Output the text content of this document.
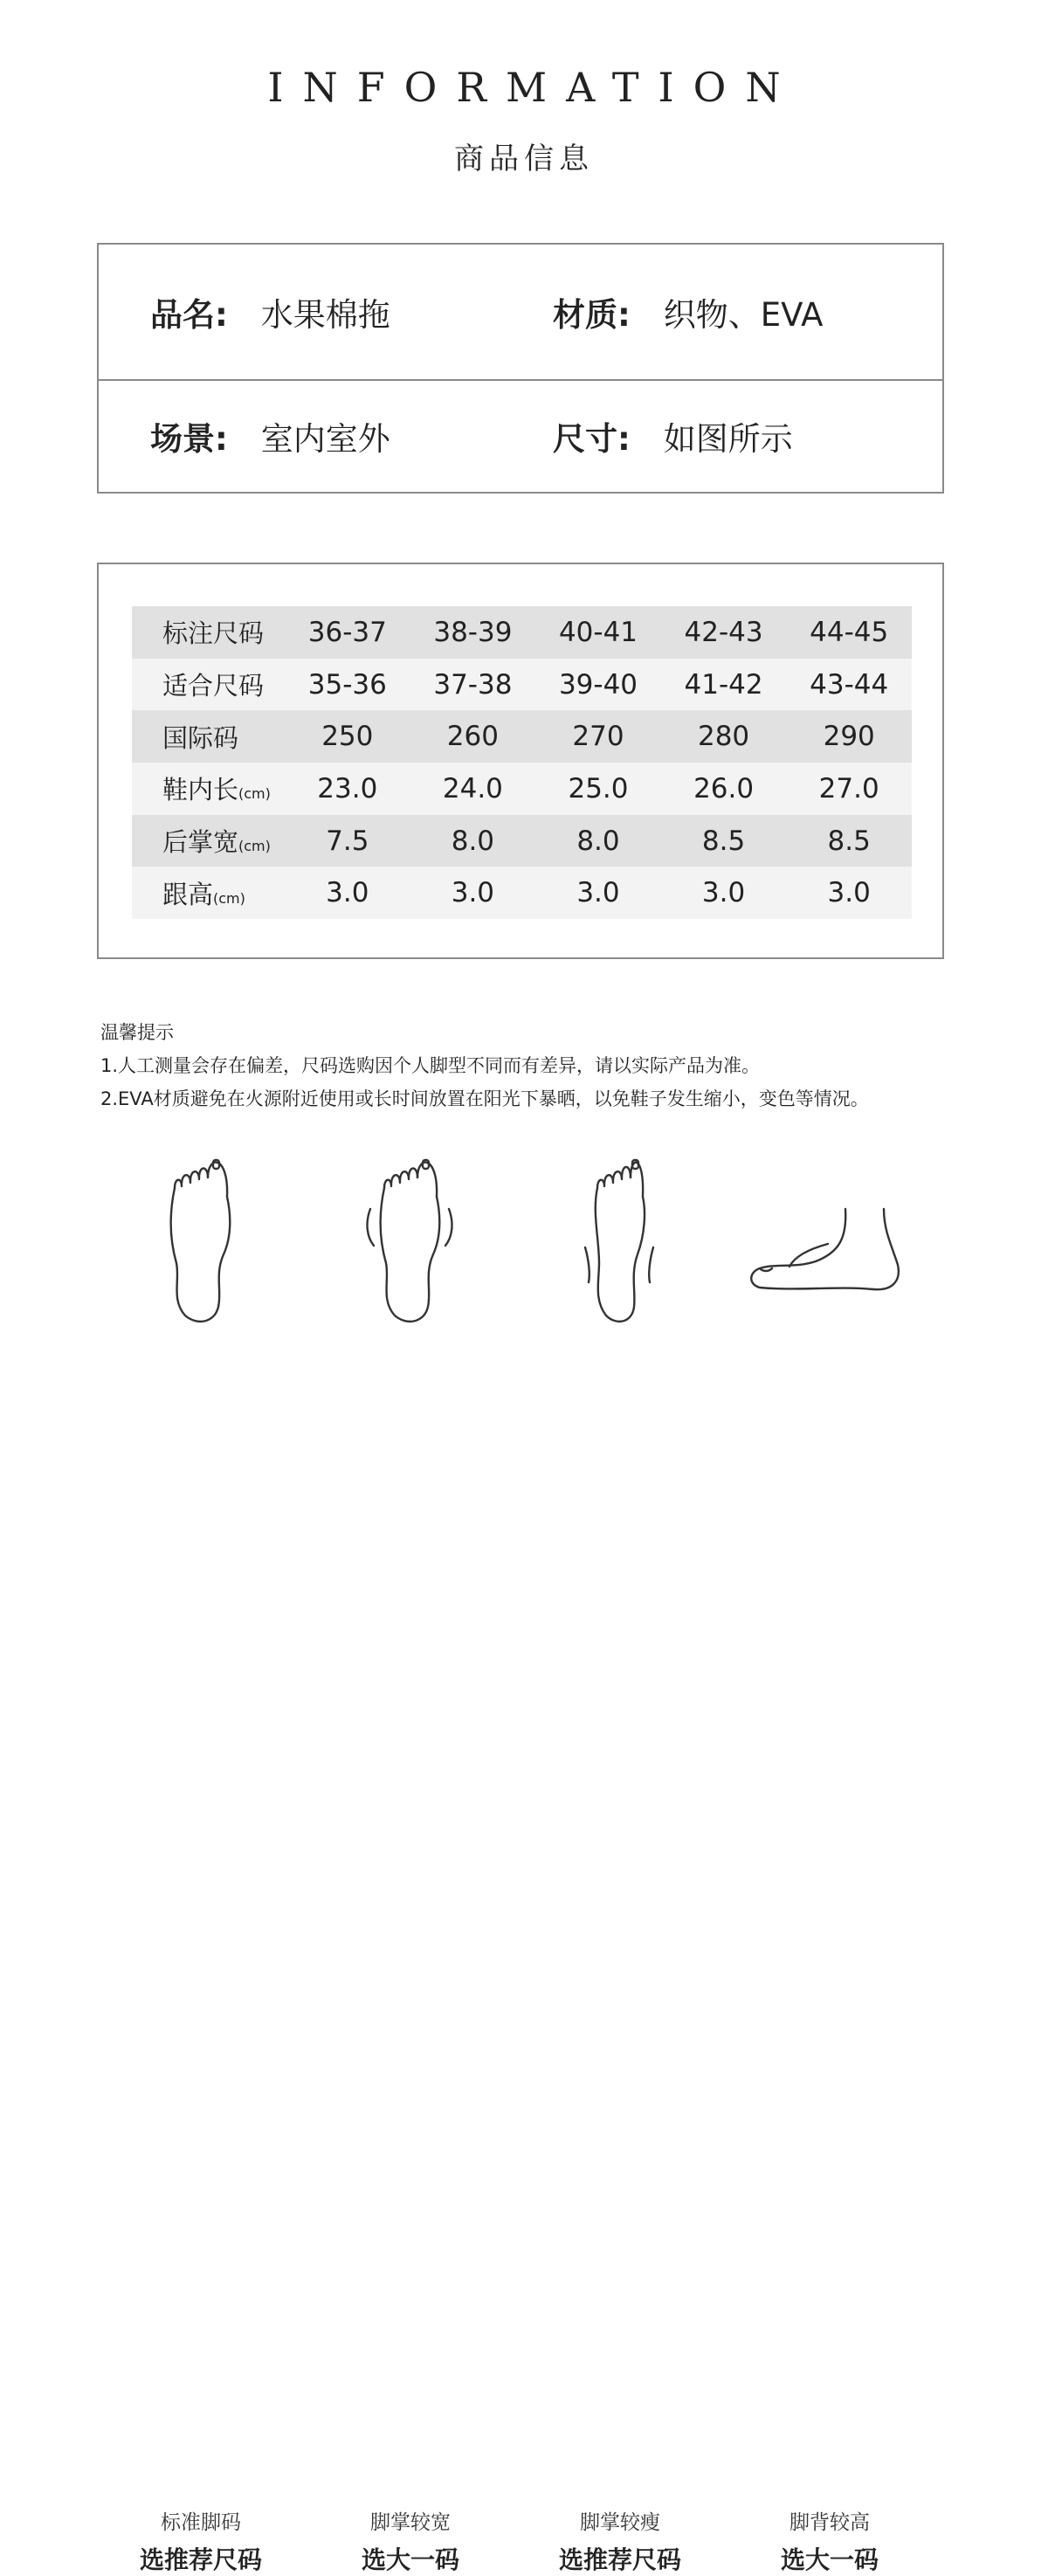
INFORMATION
商品信息
品名: 水果棉拖	材质: 织物、EVA
场景: 室内室外	尺寸: 如图所示
标注尺码	36-37	38-39	40-41	42-43	44-45
适合尺码	35-36	37-38	39-40	41-42	43-44
国际码	250	260	270	280	290
鞋内长(cm)	23.0	24.0	25.0	26.0	27.0
后掌宽(cm)	7.5	8.0	8.0	8.5	8.5
跟高(cm)	3.0	3.0	3.0	3.0	3.0
温馨提示
1.人工测量会存在偏差，尺码选购因个人脚型不同而有差异，请以实际产品为准。
2.EVA材质避免在火源附近使用或长时间放置在阳光下暴晒，以免鞋子发生缩小，变色等情况。
标准脚码
选推荐尺码
脚掌较宽
选大一码
脚掌较瘦
选推荐尺码
脚背较高
选大一码
